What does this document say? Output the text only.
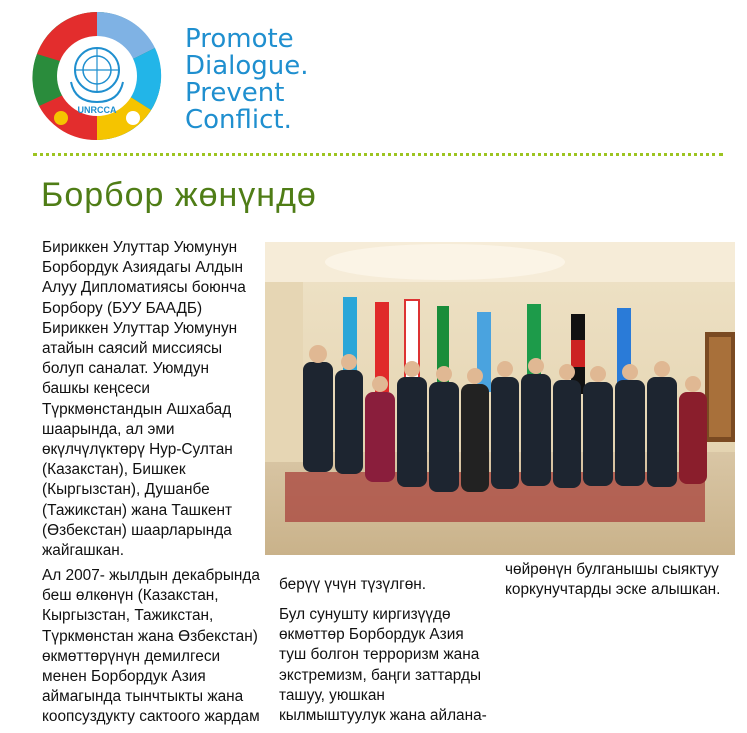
UNRCCA
Promote
Dialogue.
Prevent
Conflict.
Борбор жөнүндө
Бириккен Улуттар Уюмунун
Борбордук Азиядагы Алдын
Алуу Дипломатиясы боюнча
Борбору (БУУ БААДБ)
Бириккен Улуттар Уюмунун
атайын саясий миссиясы
болуп саналат. Уюмдун
башкы кеңсеси
Түркмөнстандын Ашхабад
шаарында, ал эми
өкүлчүлүктөрү Нур-Султан
(Казакстан), Бишкек
(Кыргызстан), Душанбе
(Тажикстан) жана Ташкент
(Өзбекстан) шаарларында
жайгашкан.
Ал 2007- жылдын декабрында
беш өлкөнүн (Казакстан,
Кыргызстан, Тажикстан,
Түркмөнстан жана Өзбекстан)
өкмөттөрүнүн демилгеси
менен Борбордук Азия
аймагында тынчтыкты жана
коопсуздукту сактоого жардам
берүү үчүн түзүлгөн.
Бул сунушту киргизүүдө
өкмөттөр Борбордук Азия
туш болгон терроризм жана
экстремизм, баңги заттарды
ташуу, уюшкан
кылмыштуулук жана айлана-
чөйрөнүн булганышы сыяктуу
коркунучтарды эске алышкан.
